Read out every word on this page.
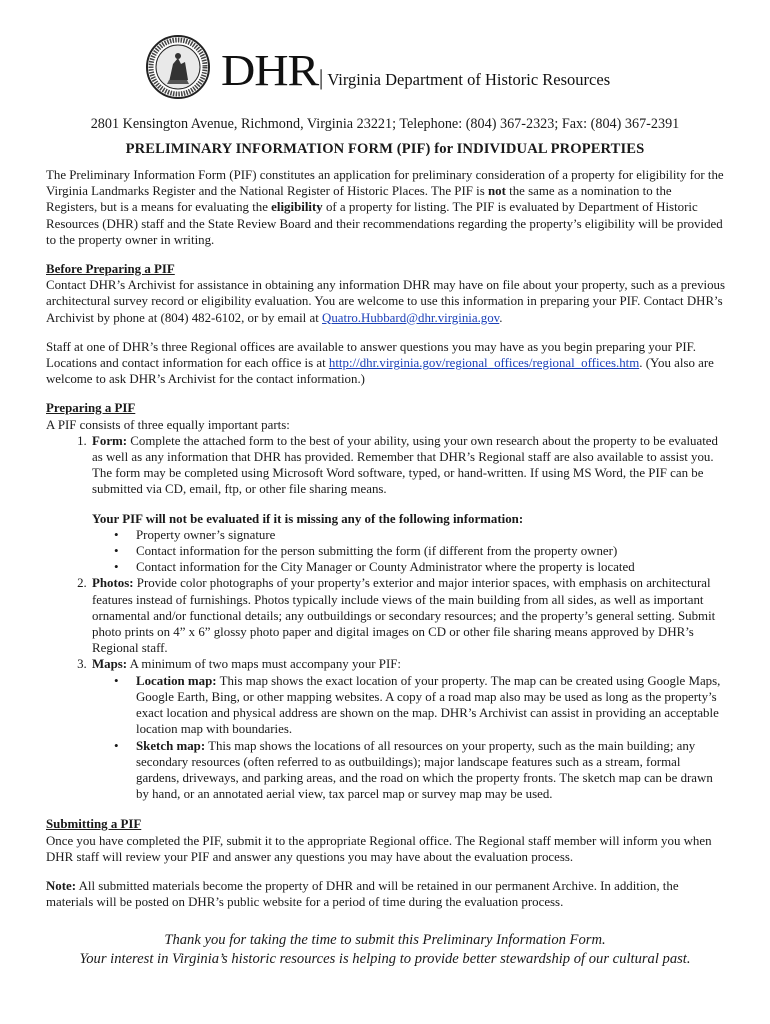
DHR | Virginia Department of Historic Resources
2801 Kensington Avenue, Richmond, Virginia 23221; Telephone: (804) 367-2323; Fax: (804) 367-2391
PRELIMINARY INFORMATION FORM (PIF) for INDIVIDUAL PROPERTIES

The Preliminary Information Form (PIF) constitutes an application for preliminary consideration of a property for eligibility for the Virginia Landmarks Register and the National Register of Historic Places. The PIF is not the same as a nomination to the Registers, but is a means for evaluating the eligibility of a property for listing. The PIF is evaluated by Department of Historic Resources (DHR) staff and the State Review Board and their recommendations regarding the property’s eligibility will be provided to the property owner in writing.

Before Preparing a PIF

Contact DHR’s Archivist for assistance in obtaining any information DHR may have on file about your property, such as a previous architectural survey record or eligibility evaluation. You are welcome to use this information in preparing your PIF. Contact DHR’s Archivist by phone at (804) 482-6102, or by email at Quatro.Hubbard@dhr.virginia.gov.

Staff at one of DHR’s three Regional offices are available to answer questions you may have as you begin preparing your PIF. Locations and contact information for each office is at http://dhr.virginia.gov/regional_offices/regional_offices.htm. (You also are welcome to ask DHR’s Archivist for the contact information.)

Preparing a PIF

A PIF consists of three equally important parts:

1. Form: Complete the attached form to the best of your ability, using your own research about the property to be evaluated as well as any information that DHR has provided. Remember that DHR’s Regional staff are also available to assist you. The form may be completed using Microsoft Word software, typed, or hand-written. If using MS Word, the PIF can be submitted via CD, email, ftp, or other file sharing means.

Your PIF will not be evaluated if it is missing any of the following information:

• Property owner’s signature
• Contact information for the person submitting the form (if different from the property owner)
• Contact information for the City Manager or County Administrator where the property is located
2. Photos: Provide color photographs of your property’s exterior and major interior spaces, with emphasis on architectural features instead of furnishings. Photos typically include views of the main building from all sides, as well as important ornamental and/or functional details; any outbuildings or secondary resources; and the property’s general setting. Submit photo prints on 4” x 6” glossy photo paper and digital images on CD or other file sharing means approved by DHR’s Regional staff.
3. Maps: A minimum of two maps must accompany your PIF:
• Location map: This map shows the exact location of your property. The map can be created using Google Maps, Google Earth, Bing, or other mapping websites. A copy of a road map also may be used as long as the property’s exact location and physical address are shown on the map. DHR’s Archivist can assist in providing an acceptable location map with boundaries.
• Sketch map: This map shows the locations of all resources on your property, such as the main building; any secondary resources (often referred to as outbuildings); major landscape features such as a stream, formal gardens, driveways, and parking areas, and the road on which the property fronts. The sketch map can be drawn by hand, or an annotated aerial view, tax parcel map or survey map may be used.

Submitting a PIF

Once you have completed the PIF, submit it to the appropriate Regional office. The Regional staff member will inform you when DHR staff will review your PIF and answer any questions you may have about the evaluation process.

Note: All submitted materials become the property of DHR and will be retained in our permanent Archive. In addition, the materials will be posted on DHR’s public website for a period of time during the evaluation process.

Thank you for taking the time to submit this Preliminary Information Form.
Your interest in Virginia’s historic resources is helping to provide better stewardship of our cultural past.
